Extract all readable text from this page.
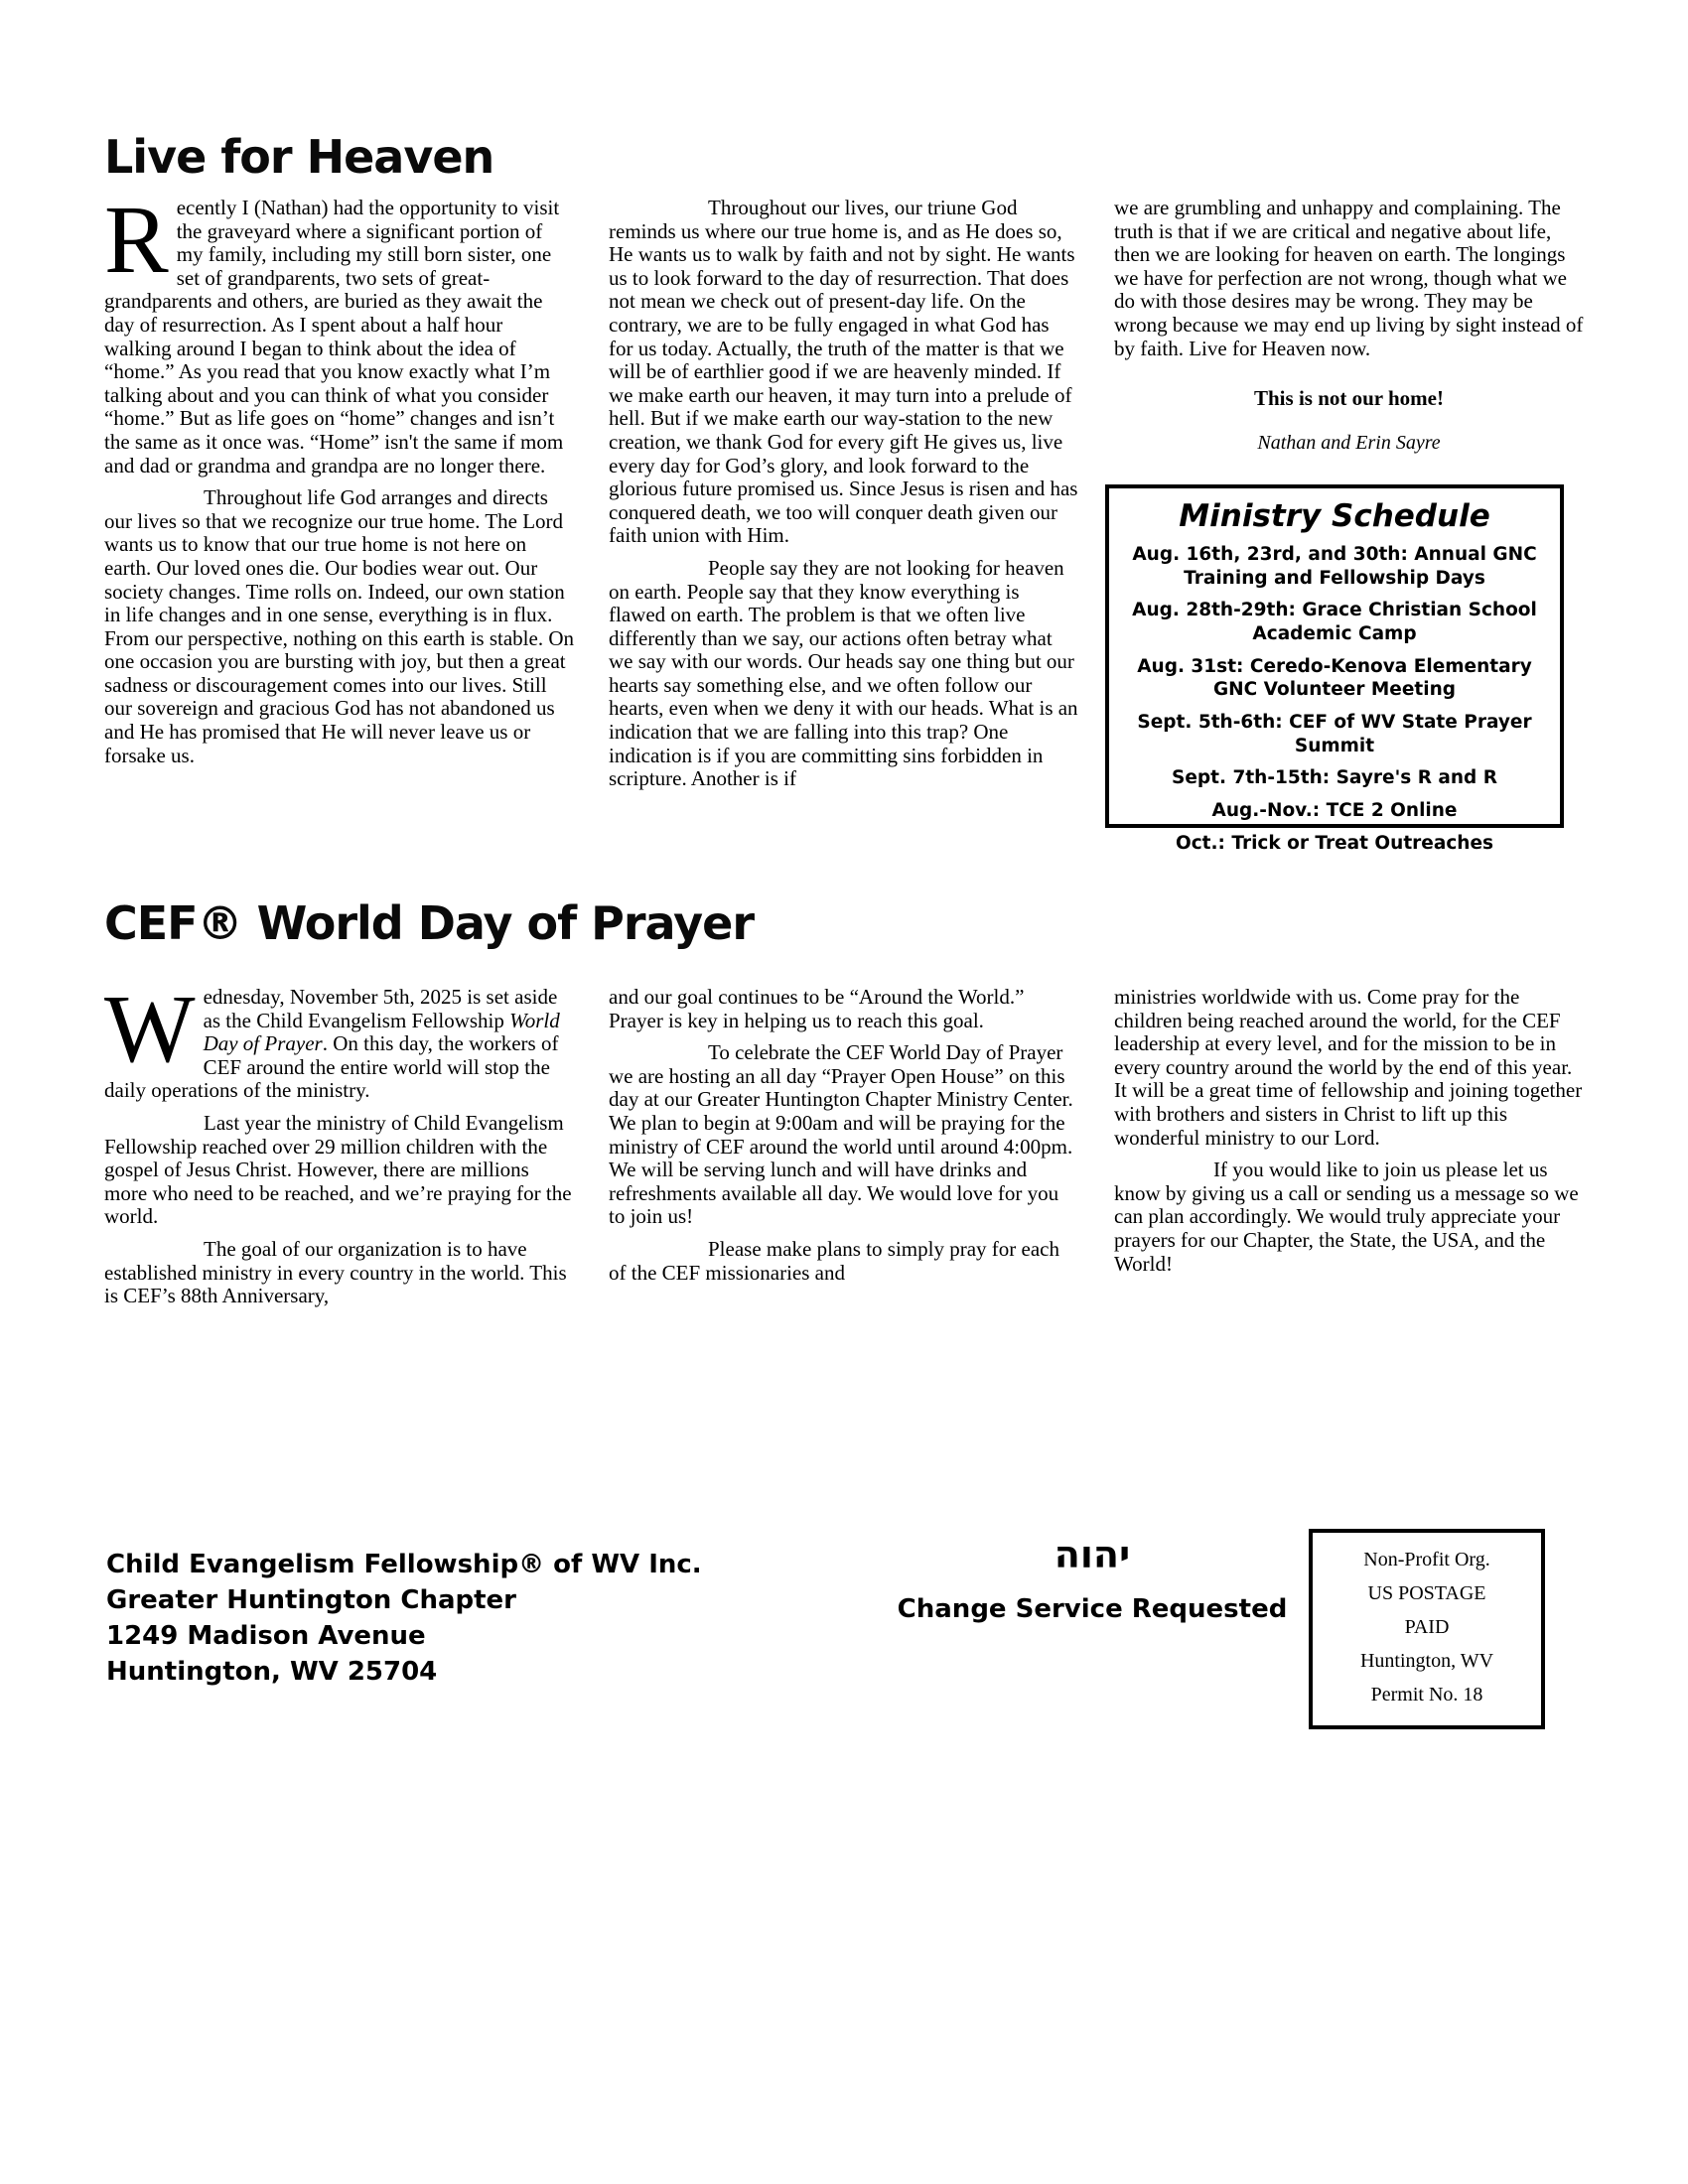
Live for Heaven

Recently I (Nathan) had the opportunity to visit the graveyard where a significant portion of my family, including my still born sister, one set of grandparents, two sets of great-grandparents and others, are buried as they await the day of resurrection. As I spent about a half hour walking around I began to think about the idea of “home.” As you read that you know exactly what I’m talking about and you can think of what you consider “home.” But as life goes on “home” changes and isn’t the same as it once was. “Home” isn't the same if mom and dad or grandma and grandpa are no longer there.

Throughout life God arranges and directs our lives so that we recognize our true home. The Lord wants us to know that our true home is not here on earth. Our loved ones die. Our bodies wear out. Our society changes. Time rolls on. Indeed, our own station in life changes and in one sense, everything is in flux. From our perspective, nothing on this earth is stable. On one occasion you are bursting with joy, but then a great sadness or discouragement comes into our lives. Still our sovereign and gracious God has not abandoned us and He has promised that He will never leave us or forsake us.

Throughout our lives, our triune God reminds us where our true home is, and as He does so, He wants us to walk by faith and not by sight. He wants us to look forward to the day of resurrection. That does not mean we check out of present-day life. On the contrary, we are to be fully engaged in what God has for us today. Actually, the truth of the matter is that we will be of earthlier good if we are heavenly minded. If we make earth our heaven, it may turn into a prelude of hell. But if we make earth our way-station to the new creation, we thank God for every gift He gives us, live every day for God’s glory, and look forward to the glorious future promised us. Since Jesus is risen and has conquered death, we too will conquer death given our faith union with Him.

People say they are not looking for heaven on earth. People say that they know everything is flawed on earth. The problem is that we often live differently than we say, our actions often betray what we say with our words. Our heads say one thing but our hearts say something else, and we often follow our hearts, even when we deny it with our heads. What is an indication that we are falling into this trap? One indication is if you are committing sins forbidden in scripture. Another is if

we are grumbling and unhappy and complaining. The truth is that if we are critical and negative about life, then we are looking for heaven on earth. The longings we have for perfection are not wrong, though what we do with those desires may be wrong. They may be wrong because we may end up living by sight instead of by faith. Live for Heaven now.

This is not our home!

Nathan and Erin Sayre

Ministry Schedule
Aug. 16th, 23rd, and 30th: Annual GNC Training and Fellowship Days
Aug. 28th-29th: Grace Christian School Academic Camp
Aug. 31st: Ceredo-Kenova Elementary GNC Volunteer Meeting
Sept. 5th-6th: CEF of WV State Prayer Summit
Sept. 7th-15th: Sayre's R and R
Aug.-Nov.: TCE 2 Online
Oct.: Trick or Treat Outreaches
CEF® World Day of Prayer

Wednesday, November 5th, 2025 is set aside as the Child Evangelism Fellowship World Day of Prayer. On this day, the workers of CEF around the entire world will stop the daily operations of the ministry.

Last year the ministry of Child Evangelism Fellowship reached over 29 million children with the gospel of Jesus Christ. However, there are millions more who need to be reached, and we’re praying for the world.

The goal of our organization is to have established ministry in every country in the world. This is CEF’s 88th Anniversary,

and our goal continues to be “Around the World.” Prayer is key in helping us to reach this goal.

To celebrate the CEF World Day of Prayer we are hosting an all day “Prayer Open House” on this day at our Greater Huntington Chapter Ministry Center. We plan to begin at 9:00am and will be praying for the ministry of CEF around the world until around 4:00pm. We will be serving lunch and will have drinks and refreshments available all day. We would love for you to join us!

Please make plans to simply pray for each of the CEF missionaries and

ministries worldwide with us. Come pray for the children being reached around the world, for the CEF leadership at every level, and for the mission to be in every country around the world by the end of this year. It will be a great time of fellowship and joining together with brothers and sisters in Christ to lift up this wonderful ministry to our Lord.

If you would like to join us please let us know by giving us a call or sending us a message so we can plan accordingly. We would truly appreciate your prayers for our Chapter, the State, the USA, and the World!

Child Evangelism Fellowship® of WV Inc.
Greater Huntington Chapter
1249 Madison Avenue
Huntington, WV 25704
יהוה
Change Service Requested
Non-Profit Org.
US POSTAGE
PAID
Huntington, WV
Permit No. 18
